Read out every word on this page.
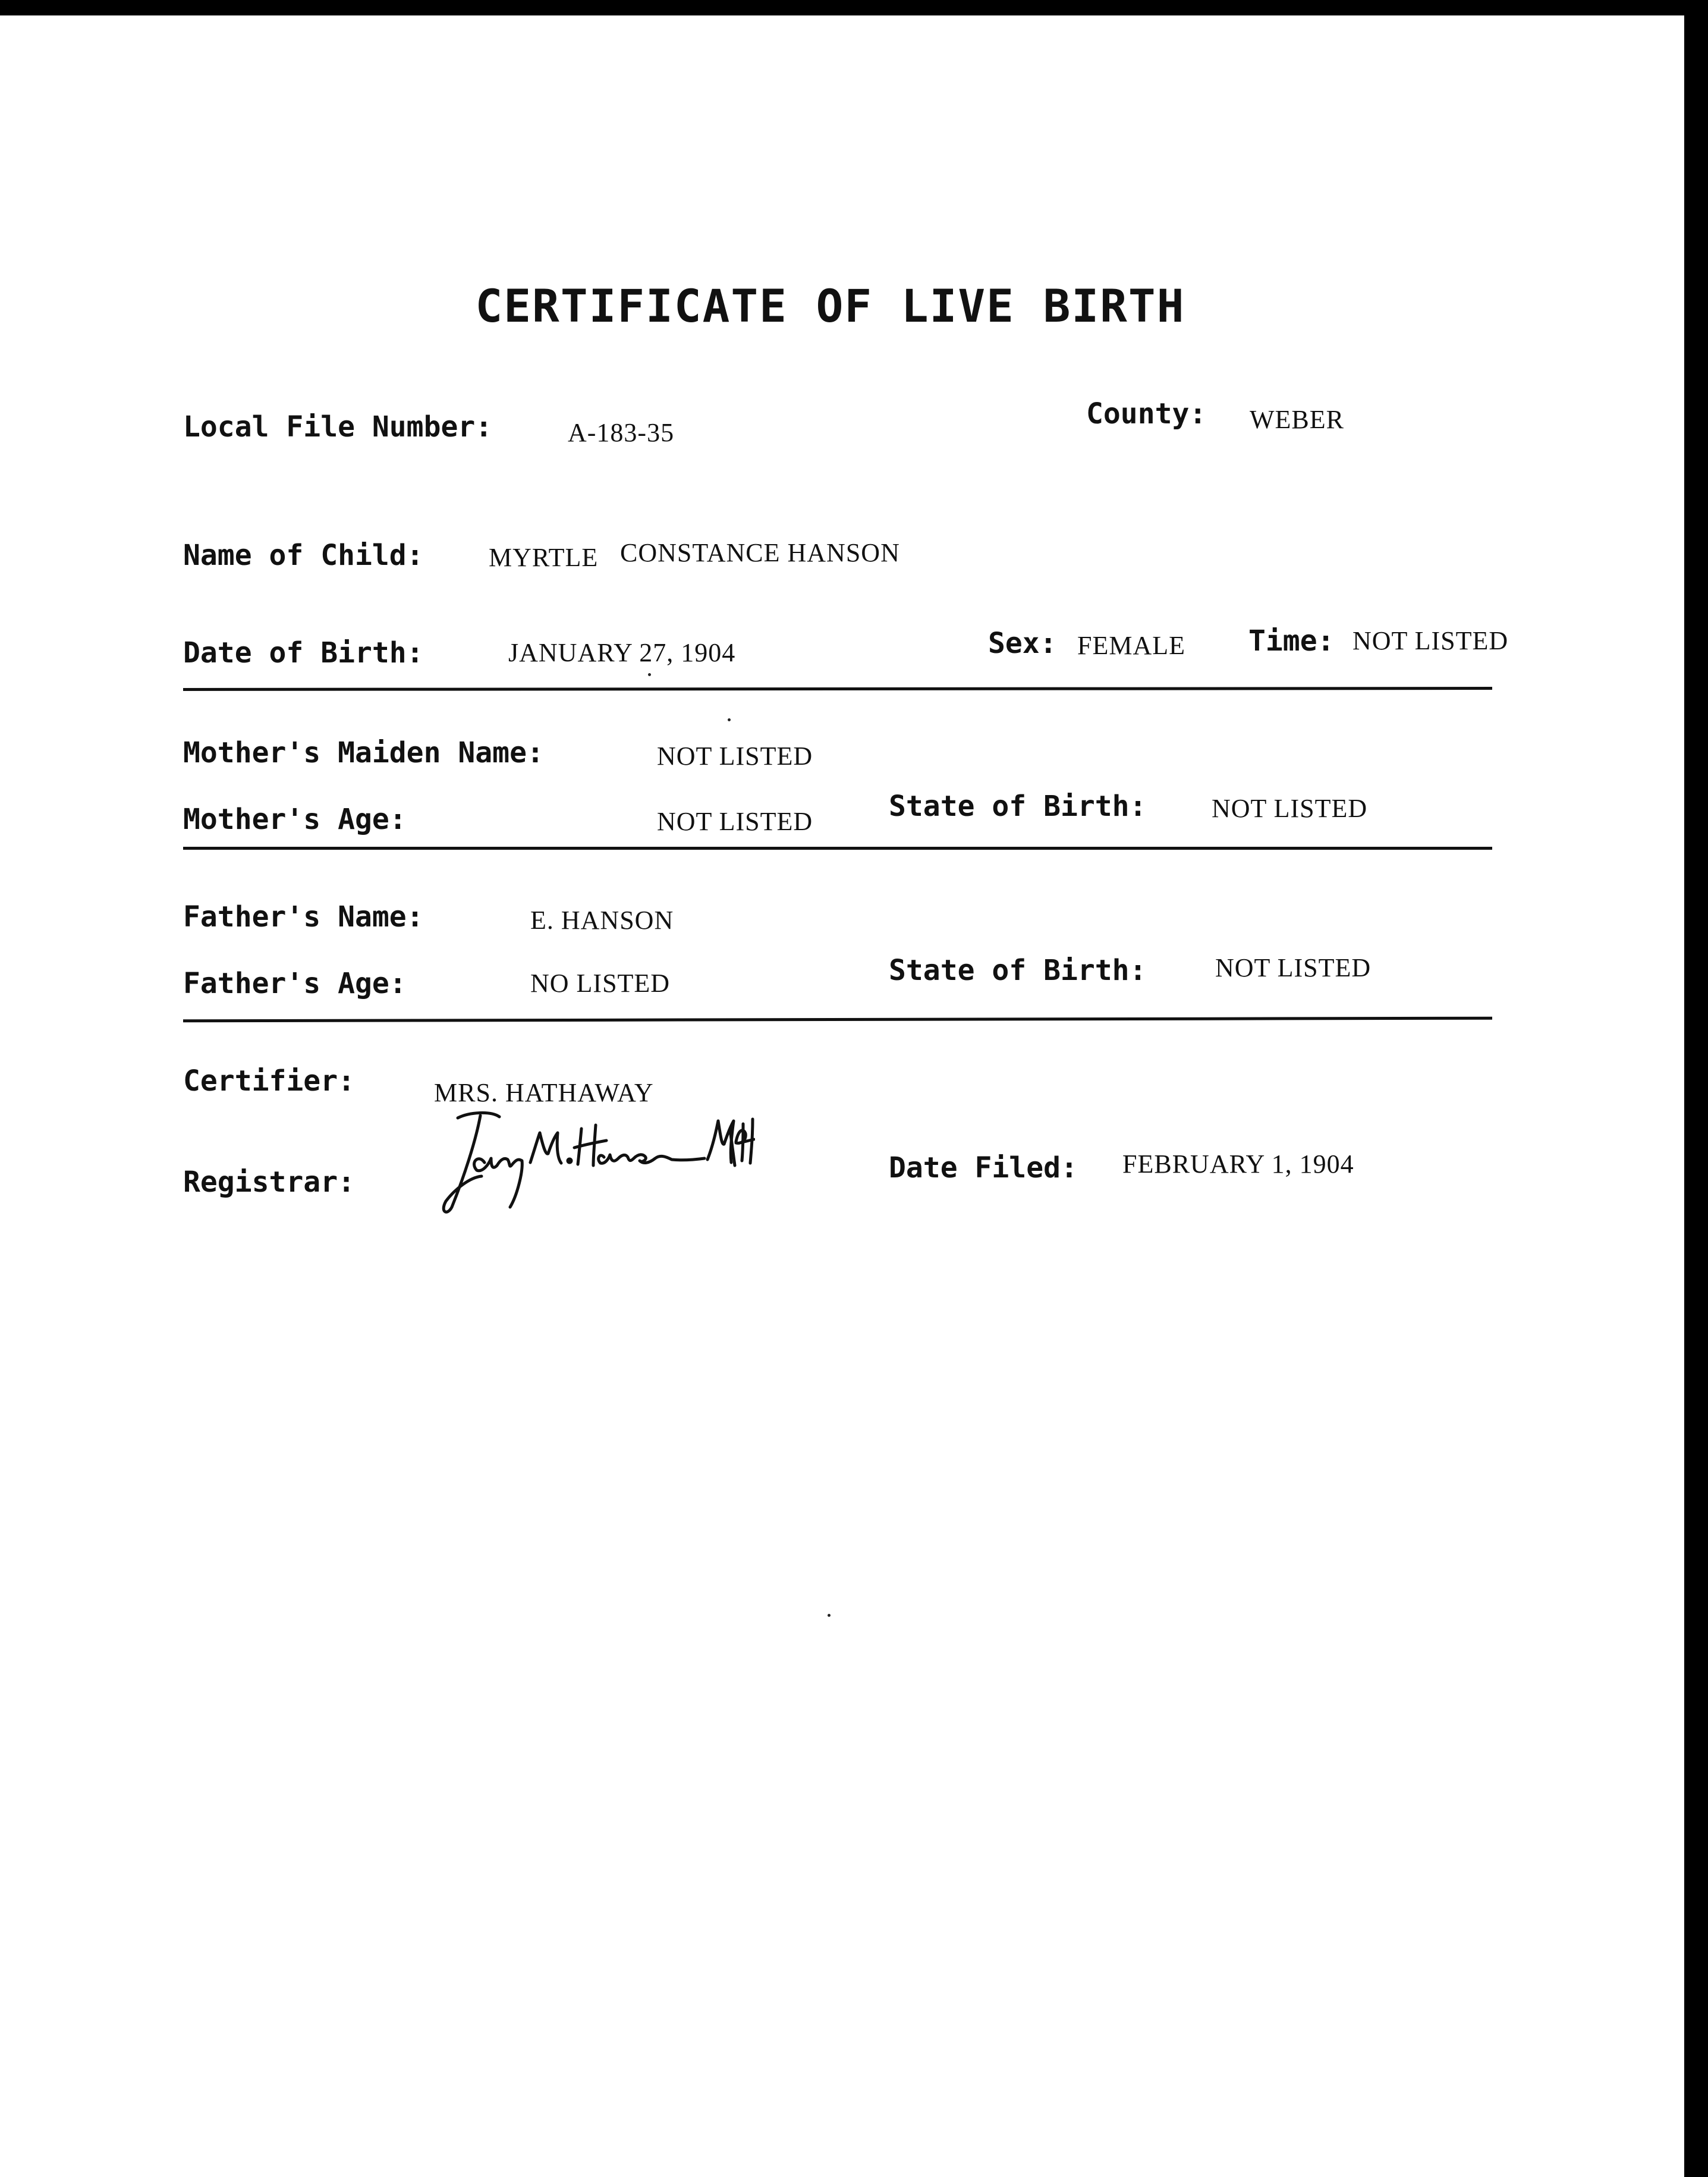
CERTIFICATE OF LIVE BIRTH
Local File Number:	A-183-35
County: WEBER
Name of Child: MYRTLE CONSTANCE HANSON
Date of Birth:	JANUARY 27, 1904	Sex: FEMALE Time: NOT LISTED
Mother's Maiden Name:	NOT LISTED
Mother's Age:	NOT LISTED	State of Birth: NOT LISTED
Father's Name:	E. HANSON
Father's Age:	NO LISTED	State of Birth:	NOT LISTED
Certifier:	MRS. HATHAWAY
Registrar:	Date Filed: FEBRUARY 1, 1904
